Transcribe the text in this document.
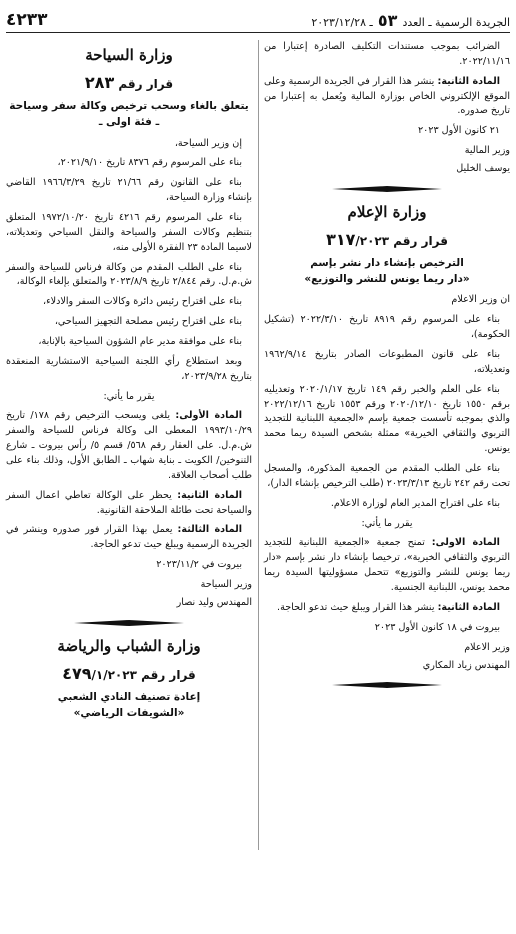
الجريدة الرسمية ـ العدد ٥٣ ـ ٢٠٢٣/١٢/٢٨
٤٢٣٣

الضرائب بموجب مستندات التكليف الصادرة إعتبارا من ٢٠٢٢/١١/١٦.

المادة الثانية: ينشر هذا القرار في الجريدة الرسمية وعلى الموقع الإلكتروني الخاص بوزارة المالية ويُعمل به إعتبارا من تاريخ صدوره.

٢١ كانون الأول ٢٠٢٣

وزير المالية

يوسف الخليل

وزارة الإعلام
قرار رقم ٣١٧/٢٠٢٣
الترخيص بإنشاء دار نشر بإسم
«دار ريما يونس للنشر والتوزيع»

ان وزير الاعلام

بناء على المرسوم رقم ٨٩١٩ تاريخ ٢٠٢٢/٣/١٠ (تشكيل الحكومة)،

بناء على قانون المطبوعات الصادر بتاريخ ١٩٦٢/٩/١٤ وتعديلاته،

بناء على العلم والخبر رقم ١٤٩ تاريخ ٢٠٢٠/١/١٧ وتعديليه برقم ١٥٥٠ تاريخ ٢٠٢٠/١٢/١٠ ورقم ١٥٥٣ تاريخ ٢٠٢٢/١٢/١٦ والذي بموجبه تأسست جمعية بإسم «الجمعية اللبنانية للتجديد التربوي والثقافي الخيرية» ممثلة بشخص السيدة ريما محمد يونس.

بناء على الطلب المقدم من الجمعية المذكورة، والمسجل تحت رقم ٢٤٢ تاريخ ٢٠٢٣/٣/١٣ (طلب الترخيص بإنشاء الدار)،

بناء على اقتراح المدير العام لوزارة الاعلام.

يقرر ما يأتي:

المادة الاولى: تمنح جمعية «الجمعية اللبنانية للتجديد التربوي والثقافي الخيرية»، ترخيصا بإنشاء دار نشر بإسم «دار ريما يونس للنشر والتوزيع» تتحمل مسؤوليتها السيدة ريما محمد يونس، اللبنانية الجنسية.

المادة الثانية: ينشر هذا القرار ويبلغ حيث تدعو الحاجة.

بيروت في ١٨ كانون الأول ٢٠٢٣

وزير الاعلام

المهندس زياد المكاري

وزارة السياحة
قرار رقم ٢٨٣
يتعلق بالغاء وسحب ترخيص وكالة سفر وسياحة ـ فئة اولى ـ

إن وزير السياحة،

بناء على المرسوم رقم ٨٣٧٦ تاريخ ٢٠٢١/٩/١٠،

بناء على القانون رقم ٢١/٦٦ تاريخ ١٩٦٦/٣/٢٩ القاضي بإنشاء وزارة السياحة،

بناء على المرسوم رقم ٤٢١٦ تاريخ ١٩٧٢/١٠/٢٠ المتعلق بتنظيم وكالات السفر والسياحة والنقل السياحي وتعديلاته، لاسيما المادة ٢٣ الفقرة الأولى منه،

بناء على الطلب المقدم من وكالة فرناس للسياحة والسفر ش.م.ل. رقم ٢/٨٤٤ تاريخ ٢٠٢٣/٨/٩ والمتعلق بإلغاء الوكالة،

بناء على اقتراح رئيس دائرة وكالات السفر والادلاء،

بناء على اقتراح رئيس مصلحة التجهيز السياحي،

بناء على موافقة مدير عام الشؤون السياحية بالإنابة،

وبعد استطلاع رأي اللجنة السياحية الاستشارية المنعقدة بتاريخ ٢٠٢٣/٩/٢٨،

يقرر ما يأتي:

المادة الأولى: يلغى ويسحب الترخيص رقم ١٧٨/ تاريخ ١٩٩٣/١٠/٢٩ المعطى الى وكالة فرناس للسياحة والسفر ش.م.ل. على العقار رقم ٥٦٨/ قسم ٥/ رأس بيروت ـ شارع التنوخين/ الكويت ـ بناية شهاب ـ الطابق الأول، وذلك بناء على طلب أصحاب العلاقة.

المادة الثانية: يحظر على الوكالة تعاطي اعمال السفر والسياحة تحت طائلة الملاحقة القانونية.

المادة الثالثة: يعمل بهذا القرار فور صدوره وينشر في الجريدة الرسمية ويبلغ حيث تدعو الحاجة.

بيروت في ٢٠٢٣/١١/٢

وزير السياحة

المهندس وليد نصار

وزارة الشباب والرياضة
قرار رقم ٤٧٩/١/٢٠٢٣
إعادة تصنيف النادي الشعبي
«الشويفات الرياضي»
